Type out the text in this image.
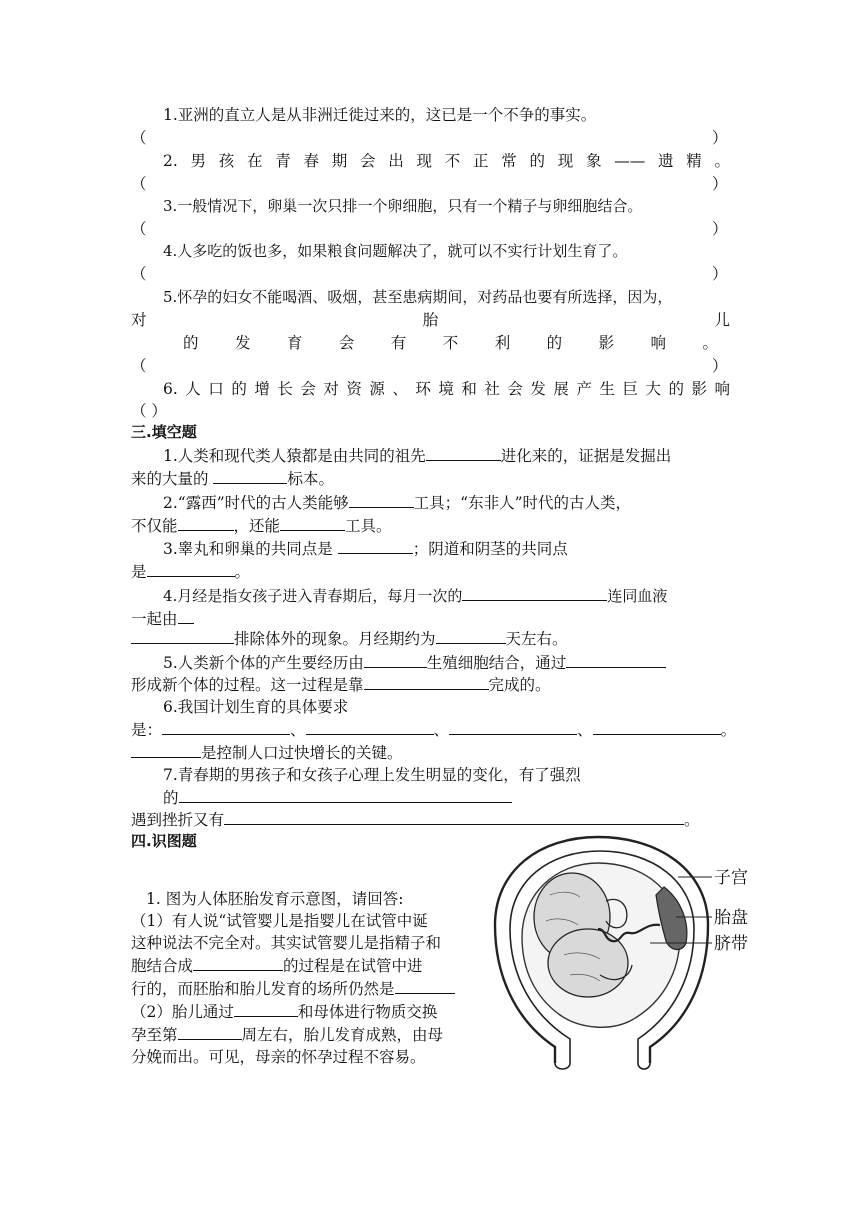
1.亚洲的直立人是从非洲迁徙过来的，这已是一个不争的事实。
（	）
2.男孩在青春期会出现不正常的现象——遗精。
（	）
3.一般情况下，卵巢一次只排一个卵细胞，只有一个精子与卵细胞结合。
（	）
4.人多吃的饭也多，如果粮食问题解决了，就可以不实行计划生育了。
（	）
5.怀孕的妇女不能喝酒、吸烟，甚至患病期间，对药品也要有所选择，因为，
对胎儿
的发育会有不利的影响。
（	）
6.人口的增长会对资源、环境和社会发展产生巨大的影响
（ ）
三.填空题
1.人类和现代类人猿都是由共同的祖先	进化来的，证据是发掘出
来的大量的	标本。
2.“露西”时代的古人类能够	工具；“东非人”时代的古人类，
不仅能	，还能	工具。
3.睾丸和卵巢的共同点是	；阴道和阴茎的共同点
是	。
4.月经是指女孩子进入青春期后，每月一次的	连同血液
一起由
排除体外的现象。月经期约为	天左右。
5.人类新个体的产生要经历由	生殖细胞结合，通过
形成新个体的过程。这一过程是靠	完成的。
6.我国计划生育的具体要求
是：	、	、	、	。
是控制人口过快增长的关键。
7.青春期的男孩子和女孩子心理上发生明显的变化，有了强烈
的
遇到挫折又有	。
四.识图题
1. 图为人体胚胎发育示意图，请回答:
（1）有人说“试管婴儿是指婴儿在试管中诞
这种说法不完全对。其实试管婴儿是指精子和
胞结合成	的过程是在试管中进
行的，而胚胎和胎儿发育的场所仍然是
（2）胎儿通过	和母体进行物质交换
孕至第	周左右，胎儿发育成熟，由母
分娩而出。可见，母亲的怀孕过程不容易。
子宫
胎盘
脐带
